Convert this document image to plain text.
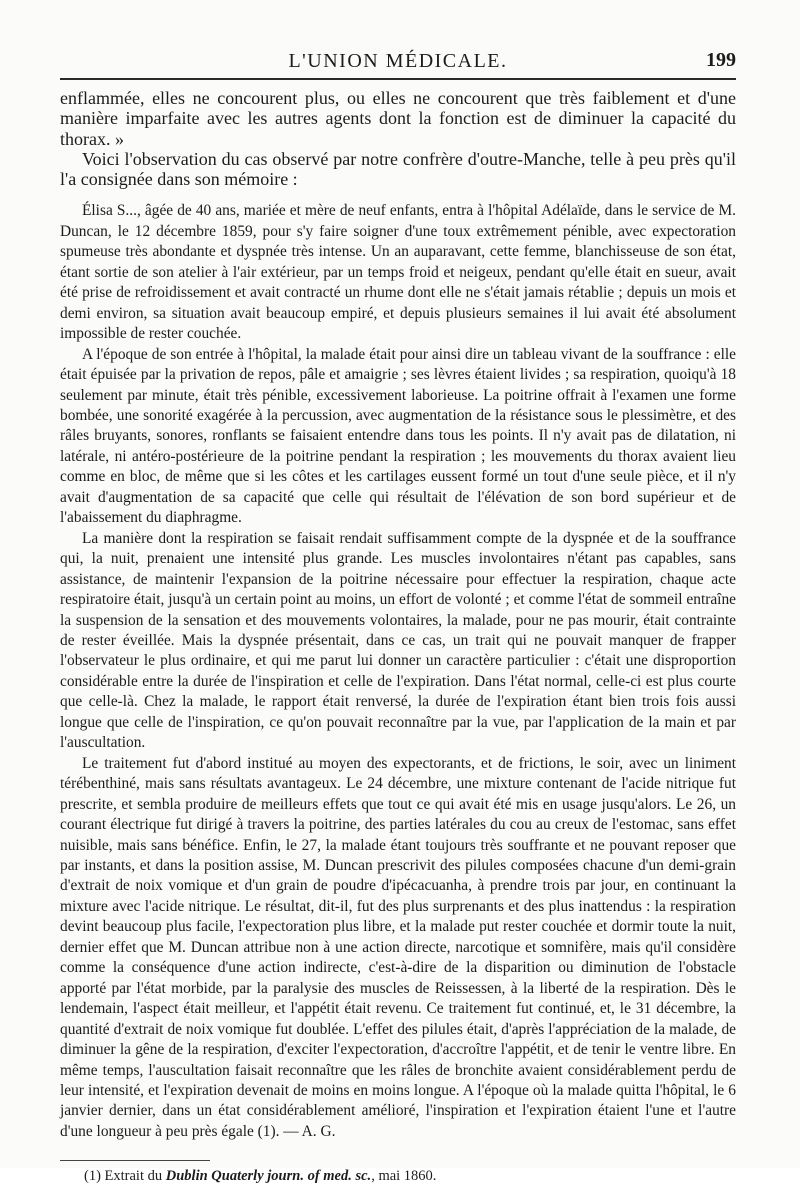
L'UNION MÉDICALE.	199

enflammée, elles ne concourent plus, ou elles ne concourent que très faiblement et d'une manière imparfaite avec les autres agents dont la fonction est de diminuer la capacité du thorax. »

Voici l'observation du cas observé par notre confrère d'outre-Manche, telle à peu près qu'il l'a consignée dans son mémoire :

Élisa S..., âgée de 40 ans, mariée et mère de neuf enfants, entra à l'hôpital Adélaïde, dans le service de M. Duncan, le 12 décembre 1859, pour s'y faire soigner d'une toux extrêmement pénible, avec expectoration spumeuse très abondante et dyspnée très intense. Un an auparavant, cette femme, blanchisseuse de son état, étant sortie de son atelier à l'air extérieur, par un temps froid et neigeux, pendant qu'elle était en sueur, avait été prise de refroidissement et avait contracté un rhume dont elle ne s'était jamais rétablie ; depuis un mois et demi environ, sa situation avait beaucoup empiré, et depuis plusieurs semaines il lui avait été absolument impossible de rester couchée.

A l'époque de son entrée à l'hôpital, la malade était pour ainsi dire un tableau vivant de la souffrance : elle était épuisée par la privation de repos, pâle et amaigrie ; ses lèvres étaient livides ; sa respiration, quoiqu'à 18 seulement par minute, était très pénible, excessivement laborieuse. La poitrine offrait à l'examen une forme bombée, une sonorité exagérée à la percussion, avec augmentation de la résistance sous le plessimètre, et des râles bruyants, sonores, ronflants se faisaient entendre dans tous les points. Il n'y avait pas de dilatation, ni latérale, ni antéro-postérieure de la poitrine pendant la respiration ; les mouvements du thorax avaient lieu comme en bloc, de même que si les côtes et les cartilages eussent formé un tout d'une seule pièce, et il n'y avait d'augmentation de sa capacité que celle qui résultait de l'élévation de son bord supérieur et de l'abaissement du diaphragme.

La manière dont la respiration se faisait rendait suffisamment compte de la dyspnée et de la souffrance qui, la nuit, prenaient une intensité plus grande. Les muscles involontaires n'étant pas capables, sans assistance, de maintenir l'expansion de la poitrine nécessaire pour effectuer la respiration, chaque acte respiratoire était, jusqu'à un certain point au moins, un effort de volonté ; et comme l'état de sommeil entraîne la suspension de la sensation et des mouvements volontaires, la malade, pour ne pas mourir, était contrainte de rester éveillée. Mais la dyspnée présentait, dans ce cas, un trait qui ne pouvait manquer de frapper l'observateur le plus ordinaire, et qui me parut lui donner un caractère particulier : c'était une disproportion considérable entre la durée de l'inspiration et celle de l'expiration. Dans l'état normal, celle-ci est plus courte que celle-là. Chez la malade, le rapport était renversé, la durée de l'expiration étant bien trois fois aussi longue que celle de l'inspiration, ce qu'on pouvait reconnaître par la vue, par l'application de la main et par l'auscultation.

Le traitement fut d'abord institué au moyen des expectorants, et de frictions, le soir, avec un liniment térébenthiné, mais sans résultats avantageux. Le 24 décembre, une mixture contenant de l'acide nitrique fut prescrite, et sembla produire de meilleurs effets que tout ce qui avait été mis en usage jusqu'alors. Le 26, un courant électrique fut dirigé à travers la poitrine, des parties latérales du cou au creux de l'estomac, sans effet nuisible, mais sans bénéfice. Enfin, le 27, la malade étant toujours très souffrante et ne pouvant reposer que par instants, et dans la position assise, M. Duncan prescrivit des pilules composées chacune d'un demi-grain d'extrait de noix vomique et d'un grain de poudre d'ipécacuanha, à prendre trois par jour, en continuant la mixture avec l'acide nitrique. Le résultat, dit-il, fut des plus surprenants et des plus inattendus : la respiration devint beaucoup plus facile, l'expectoration plus libre, et la malade put rester couchée et dormir toute la nuit, dernier effet que M. Duncan attribue non à une action directe, narcotique et somnifère, mais qu'il considère comme la conséquence d'une action indirecte, c'est-à-dire de la disparition ou diminution de l'obstacle apporté par l'état morbide, par la paralysie des muscles de Reissessen, à la liberté de la respiration. Dès le lendemain, l'aspect était meilleur, et l'appétit était revenu. Ce traitement fut continué, et, le 31 décembre, la quantité d'extrait de noix vomique fut doublée. L'effet des pilules était, d'après l'appréciation de la malade, de diminuer la gêne de la respiration, d'exciter l'expectoration, d'accroître l'appétit, et de tenir le ventre libre. En même temps, l'auscultation faisait reconnaître que les râles de bronchite avaient considérablement perdu de leur intensité, et l'expiration devenait de moins en moins longue. A l'époque où la malade quitta l'hôpital, le 6 janvier dernier, dans un état considérablement amélioré, l'inspiration et l'expiration étaient l'une et l'autre d'une longueur à peu près égale (1). — A. G.

(1) Extrait du Dublin Quaterly journ. of med. sc., mai 1860.
